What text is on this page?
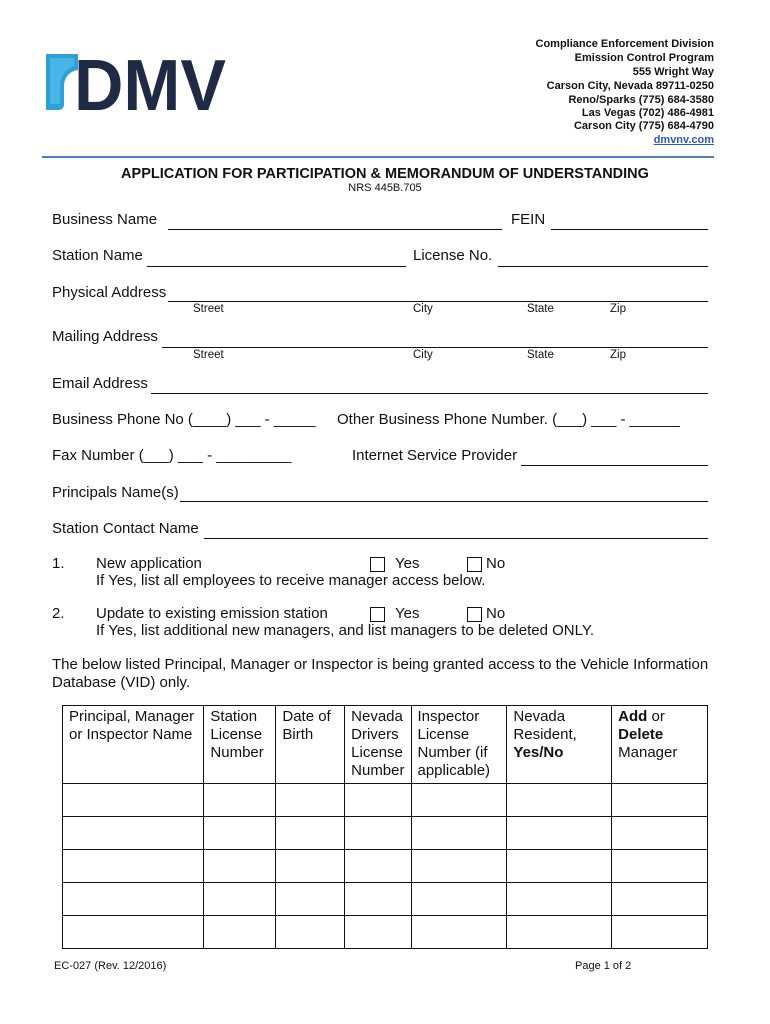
DMV
Compliance Enforcement Division
Emission Control Program
555 Wright Way
Carson City, Nevada 89711-0250
Reno/Sparks (775) 684-3580
Las Vegas (702) 486-4981
Carson City (775) 684-4790
dmvnv.com
APPLICATION FOR PARTICIPATION & MEMORANDUM OF UNDERSTANDING
NRS 445B.705
Business Name	FEIN
Station Name	License No.
Physical Address
Street	City	State	Zip
Mailing Address
Street	City	State	Zip
Email Address
Business Phone No (____) ___ - _____ Other Business Phone Number. (___) ___ - ______
Fax Number (___) ___ - _________	Internet Service Provider
Principals Name(s)
Station Contact Name
1. New application	Yes	No
If Yes, list all employees to receive manager access below.
2. Update to existing emission station	Yes	No
If Yes, list additional new managers, and list managers to be deleted ONLY.
The below listed Principal, Manager or Inspector is being granted access to the Vehicle Information
Database (VID) only.
Principal, Manager
or Inspector Name	Station
License
Number	Date of
Birth	Nevada
Drivers
License
Number	Inspector
License
Number (if
applicable)	Nevada
Resident,
Yes/No	Add or
Delete
Manager

EC-027 (Rev. 12/2016)	Page 1 of 2
